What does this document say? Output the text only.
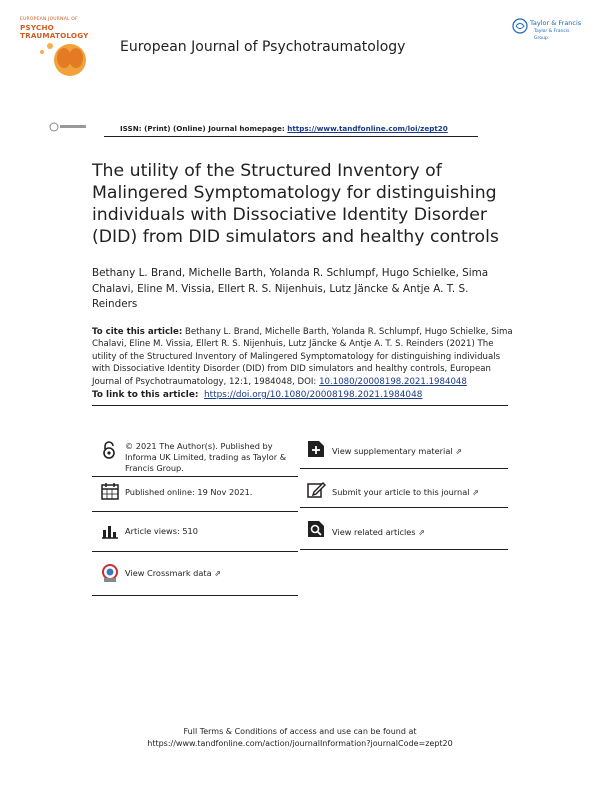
EUROPEAN JOURNAL OF
PSYCHO
TRAUMATOLOGY
European Journal of Psychotraumatology
Taylor & Francis
Taylor & Francis Group
ISSN: (Print) (Online) Journal homepage: https://www.tandfonline.com/loi/zept20
The utility of the Structured Inventory of Malingered Symptomatology for distinguishing individuals with Dissociative Identity Disorder (DID) from DID simulators and healthy controls
Bethany L. Brand, Michelle Barth, Yolanda R. Schlumpf, Hugo Schielke, Sima Chalavi, Eline M. Vissia, Ellert R. S. Nijenhuis, Lutz Jäncke & Antje A. T. S. Reinders
To cite this article: Bethany L. Brand, Michelle Barth, Yolanda R. Schlumpf, Hugo Schielke, Sima Chalavi, Eline M. Vissia, Ellert R. S. Nijenhuis, Lutz Jäncke & Antje A. T. S. Reinders (2021) The utility of the Structured Inventory of Malingered Symptomatology for distinguishing individuals with Dissociative Identity Disorder (DID) from DID simulators and healthy controls, European Journal of Psychotraumatology, 12:1, 1984048, DOI: 10.1080/20008198.2021.1984048
To link to this article: https://doi.org/10.1080/20008198.2021.1984048
© 2021 The Author(s). Published by Informa UK Limited, trading as Taylor & Francis Group.
Published online: 19 Nov 2021.
Article views: 510
View Crossmark data ⇗
View supplementary material ⇗
Submit your article to this journal ⇗
View related articles ⇗
Full Terms & Conditions of access and use can be found at
https://www.tandfonline.com/action/journalInformation?journalCode=zept20
